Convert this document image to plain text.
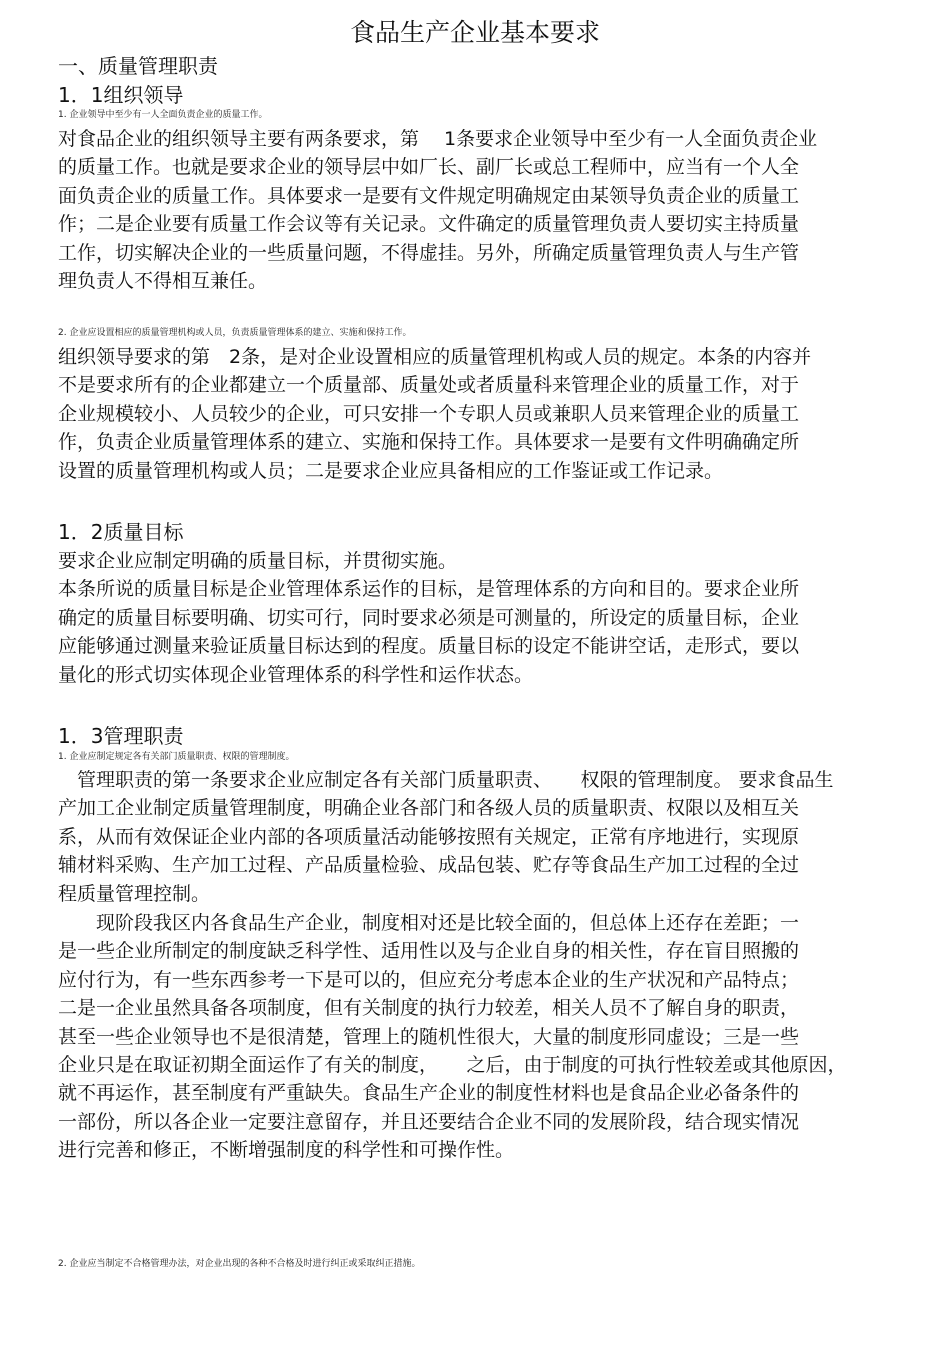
食品生产企业基本要求
一、质量管理职责
1．1组织领导
1. 企业领导中至少有一人全面负责企业的质量工作。
对食品企业的组织领导主要有两条要求，第　 1条要求企业领导中至少有一人全面负责企业
的质量工作。也就是要求企业的领导层中如厂长、副厂长或总工程师中，应当有一个人全
面负责企业的质量工作。具体要求一是要有文件规定明确规定由某领导负责企业的质量工
作；二是企业要有质量工作会议等有关记录。文件确定的质量管理负责人要切实主持质量
工作，切实解决企业的一些质量问题，不得虚挂。另外，所确定质量管理负责人与生产管
理负责人不得相互兼任。
2. 企业应设置相应的质量管理机构或人员，负责质量管理体系的建立、实施和保持工作。
组织领导要求的第　2条，是对企业设置相应的质量管理机构或人员的规定。本条的内容并
不是要求所有的企业都建立一个质量部、质量处或者质量科来管理企业的质量工作，对于
企业规模较小、人员较少的企业，可只安排一个专职人员或兼职人员来管理企业的质量工
作，负责企业质量管理体系的建立、实施和保持工作。具体要求一是要有文件明确确定所
设置的质量管理机构或人员；二是要求企业应具备相应的工作鉴证或工作记录。
1．2质量目标
要求企业应制定明确的质量目标，并贯彻实施。
本条所说的质量目标是企业管理体系运作的目标，是管理体系的方向和目的。要求企业所
确定的质量目标要明确、切实可行，同时要求必须是可测量的，所设定的质量目标，企业
应能够通过测量来验证质量目标达到的程度。质量目标的设定不能讲空话，走形式，要以
量化的形式切实体现企业管理体系的科学性和运作状态。
1．3管理职责
1. 企业应制定规定各有关部门质量职责、权限的管理制度。
　管理职责的第一条要求企业应制定各有关部门质量职责、　　权限的管理制度。 要求食品生
产加工企业制定质量管理制度，明确企业各部门和各级人员的质量职责、权限以及相互关
系，从而有效保证企业内部的各项质量活动能够按照有关规定，正常有序地进行，实现原
辅材料采购、生产加工过程、产品质量检验、成品包装、贮存等食品生产加工过程的全过
程质量管理控制。
　　现阶段我区内各食品生产企业，制度相对还是比较全面的，但总体上还存在差距；一
是一些企业所制定的制度缺乏科学性、适用性以及与企业自身的相关性，存在盲目照搬的
应付行为，有一些东西参考一下是可以的，但应充分考虑本企业的生产状况和产品特点；
二是一企业虽然具备各项制度，但有关制度的执行力较差，相关人员不了解自身的职责，
甚至一些企业领导也不是很清楚，管理上的随机性很大，大量的制度形同虚设；三是一些
企业只是在取证初期全面运作了有关的制度，　　之后，由于制度的可执行性较差或其他原因，
就不再运作，甚至制度有严重缺失。食品生产企业的制度性材料也是食品企业必备条件的
一部份，所以各企业一定要注意留存，并且还要结合企业不同的发展阶段，结合现实情况
进行完善和修正，不断增强制度的科学性和可操作性。
2. 企业应当制定不合格管理办法，对企业出现的各种不合格及时进行纠正或采取纠正措施。
